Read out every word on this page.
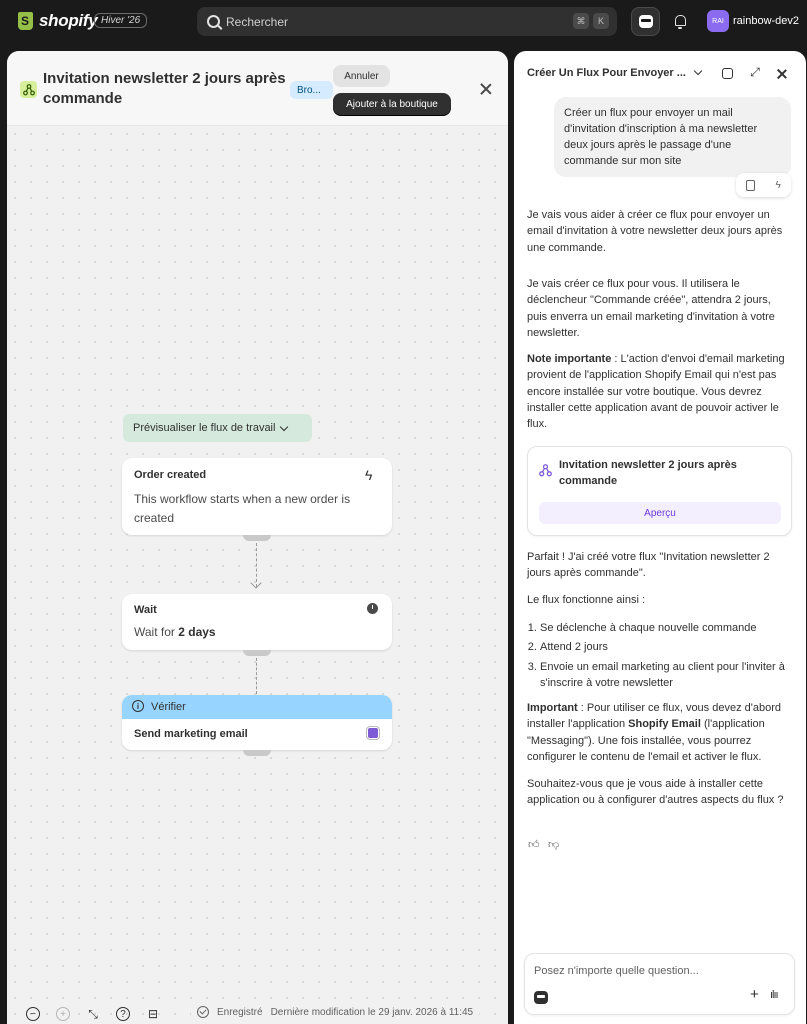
S
shopify Hiver '26	Rechercher	⌘	K	RAI rainbow-dev2
Invitation newsletter 2 jours après commande	Bro...
Annuler
Ajouter à la boutique
Prévisualiser le flux de travail
Order created	ϟ
This workflow starts when a new order is created
Wait
Wait for 2 days
i	Vérifier
Send marketing email
−	+	⤡	?	⊟	Enregistré Dernière modification le 29 janv. 2026 à 11:45
Créer Un Flux Pour Envoyer ...	⤢
Créer un flux pour envoyer un mail d'invitation d'inscription à ma newsletter deux jours après le passage d'une commande sur mon site
ϟ
Je vais vous aider à créer ce flux pour envoyer un email d'invitation à votre newsletter deux jours après une commande.
Je vais créer ce flux pour vous. Il utilisera le déclencheur "Commande créée", attendra 2 jours, puis enverra un email marketing d'invitation à votre newsletter.
Note importante : L'action d'envoi d'email marketing provient de l'application Shopify Email qui n'est pas encore installée sur votre boutique. Vous devrez installer cette application avant de pouvoir activer le flux.
Invitation newsletter 2 jours après commande
Aperçu
Parfait ! J'ai créé votre flux "Invitation newsletter 2 jours après commande".
Le flux fonctionne ainsi :
1. Se déclenche à chaque nouvelle commande
2. Attend 2 jours
3. Envoie un email marketing au client pour l'inviter à s'inscrire à votre newsletter
Important : Pour utiliser ce flux, vous devez d'abord installer l'application Shopify Email (l'application "Messaging"). Une fois installée, vous pourrez configurer le contenu de l'email et activer le flux.
Souhaitez-vous que je vous aide à installer cette application ou à configurer d'autres aspects du flux ?
👍︎ 👎︎
Posez n'importe quelle question...
+ ılıı
